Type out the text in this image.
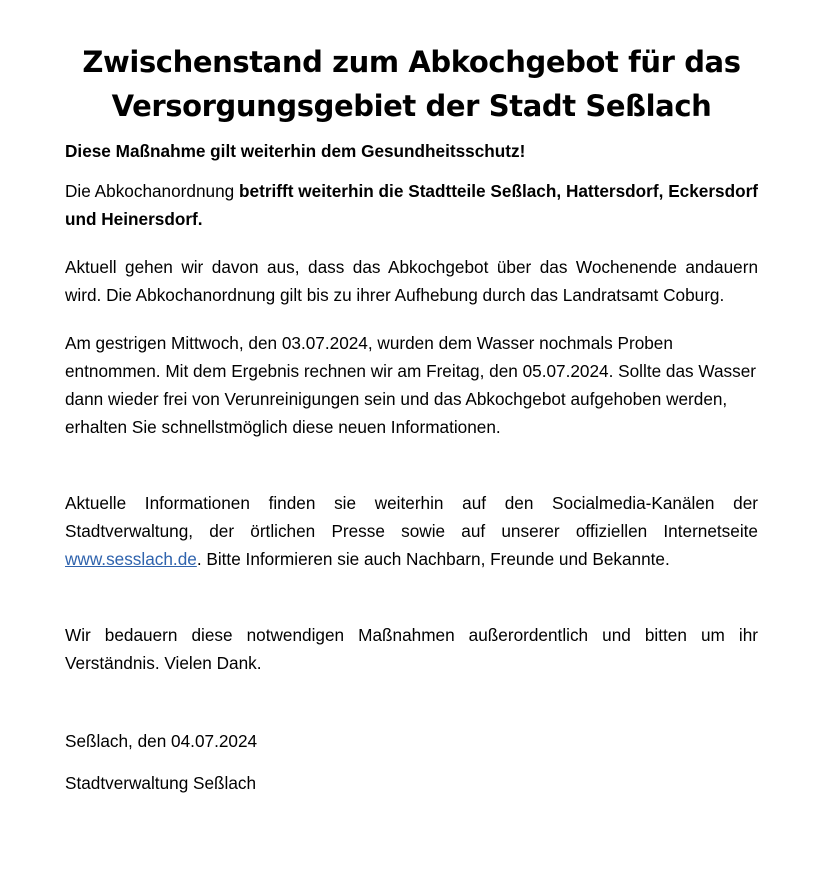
Zwischenstand zum Abkochgebot für das Versorgungsgebiet der Stadt Seßlach

Diese Maßnahme gilt weiterhin dem Gesundheitsschutz!

Die Abkochanordnung betrifft weiterhin die Stadtteile Seßlach, Hattersdorf, Eckersdorf und Heinersdorf.

Aktuell gehen wir davon aus, dass das Abkochgebot über das Wochenende andauern wird. Die Abkochanordnung gilt bis zu ihrer Aufhebung durch das Landratsamt Coburg.

Am gestrigen Mittwoch, den 03.07.2024, wurden dem Wasser nochmals Proben entnommen. Mit dem Ergebnis rechnen wir am Freitag, den 05.07.2024. Sollte das Wasser dann wieder frei von Verunreinigungen sein und das Abkochgebot aufgehoben werden, erhalten Sie schnellstmöglich diese neuen Informationen.

Aktuelle Informationen finden sie weiterhin auf den Socialmedia-Kanälen der Stadtverwaltung, der örtlichen Presse sowie auf unserer offiziellen Internetseite www.sesslach.de. Bitte Informieren sie auch Nachbarn, Freunde und Bekannte.

Wir bedauern diese notwendigen Maßnahmen außerordentlich und bitten um ihr Verständnis. Vielen Dank.

Seßlach, den 04.07.2024

Stadtverwaltung Seßlach
